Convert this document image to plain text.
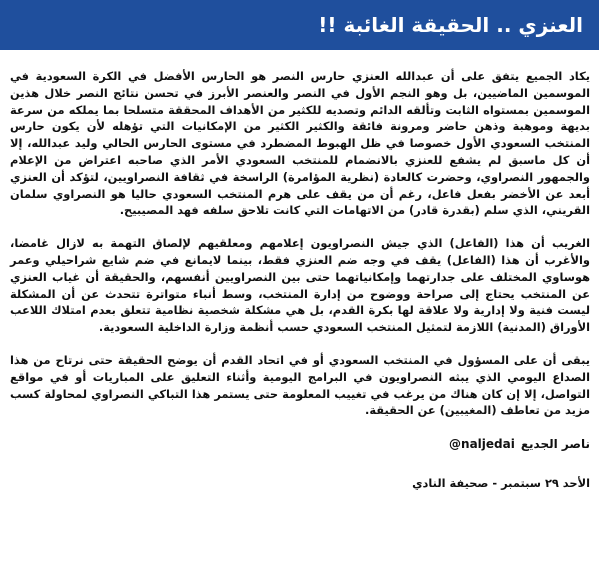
العنزي .. الحقيقة الغائبة !!

يكاد الجميع يتفق على أن عبدالله العنزي حارس النصر هو الحارس الأفضل في الكرة السعودية في الموسمين الماضيين، بل وهو النجم الأول في النصر والعنصر الأبرز في تحسن نتائج النصر خلال هذين الموسمين بمستواه الثابت وتألقه الدائم وتصديه للكثير من الأهداف المحققة متسلحا بما يملكه من سرعة بديهة وموهبة وذهن حاضر ومرونة فائقة والكثير الكثير من الإمكانيات التي تؤهله لأن يكون حارس المنتخب السعودي الأول خصوصا في ظل الهبوط المضطرد في مستوى الحارس الحالي وليد عبدالله، إلا أن كل ماسبق لم يشفع للعنزي بالانضمام للمنتخب السعودي الأمر الذي صاحبه اعتراض من الإعلام والجمهور النصراوي، وحضرت كالعادة (نظرية المؤامرة) الراسخة في ثقافة النصراويين، لتؤكد أن العنزي أبعد عن الأخضر بفعل فاعل، رغم أن من يقف على هرم المنتخب السعودي حاليا هو النصراوي سلمان القريني، الذي سلم (بقدرة قادر) من الاتهامات التي كانت تلاحق سلفه فهد المصيبيح.

الغريب أن هذا (الفاعل) الذي جيش النصراويون إعلامهم ومعلقيهم لإلصاق التهمة به لازال غامضا، والأغرب أن هذا (الفاعل) يقف في وجه ضم العنزي فقط، بينما لايمانع في ضم شايع شراحيلي وعمر هوساوي المختلف على جدارتهما وإمكانياتهما حتى بين النصراويين أنفسهم، والحقيقة أن غياب العنزي عن المنتخب يحتاج إلى صراحة ووضوح من إدارة المنتخب، وسط أنباء متواترة تتحدث عن أن المشكلة ليست فنية ولا إدارية ولا علاقة لها بكرة القدم، بل هي مشكلة شخصية نظامية تتعلق بعدم امتلاك اللاعب الأوراق (المدنية) اللازمة لتمثيل المنتخب السعودي حسب أنظمة وزارة الداخلية السعودية.

يبقى أن على المسؤول في المنتخب السعودي أو في اتحاد القدم أن يوضح الحقيقة حتى نرتاح من هذا الصداع اليومي الذي يبثه النصراويون في البرامج اليومية وأثناء التعليق على المباريات أو في مواقع التواصل، إلا إن كان هناك من يرغب في تغييب المعلومة حتى يستمر هذا التباكي النصراوي لمحاولة كسب مزيد من تعاطف (المغيبين) عن الحقيقة.

ناصر الجديع@naljedai
الأحد ٢٩ سبتمبر - صحيفة النادي
